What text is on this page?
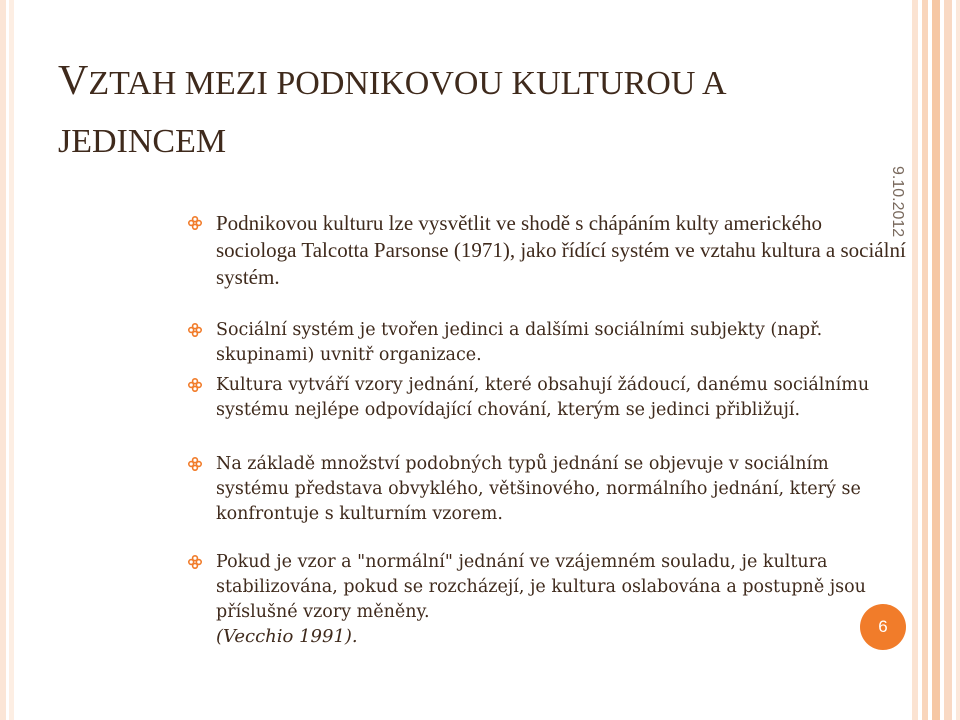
VZTAH MEZI PODNIKOVOU KULTUROU A
JEDINCEM
9.10.2012
Podnikovou kulturu lze vysvětlit ve shodě s chápáním kulty amerického sociologa Talcotta Parsonse (1971), jako řídící systém ve vztahu kultura a sociální systém.
Sociální systém je tvořen jedinci a dalšími sociálními subjekty (např. skupinami) uvnitř organizace.
Kultura vytváří vzory jednání, které obsahují žádoucí, danému sociálnímu systému nejlépe odpovídající chování, kterým se jedinci přibližují.
Na základě množství podobných typů jednání se objevuje v sociálním systému představa obvyklého, většinového, normálního jednání, který se konfrontuje s kulturním vzorem.
Pokud je vzor a "normální" jednání ve vzájemném souladu, je kultura stabilizována, pokud se rozcházejí, je kultura oslabována a postupně jsou příslušné vzory měněny.
(Vecchio 1991).	6
